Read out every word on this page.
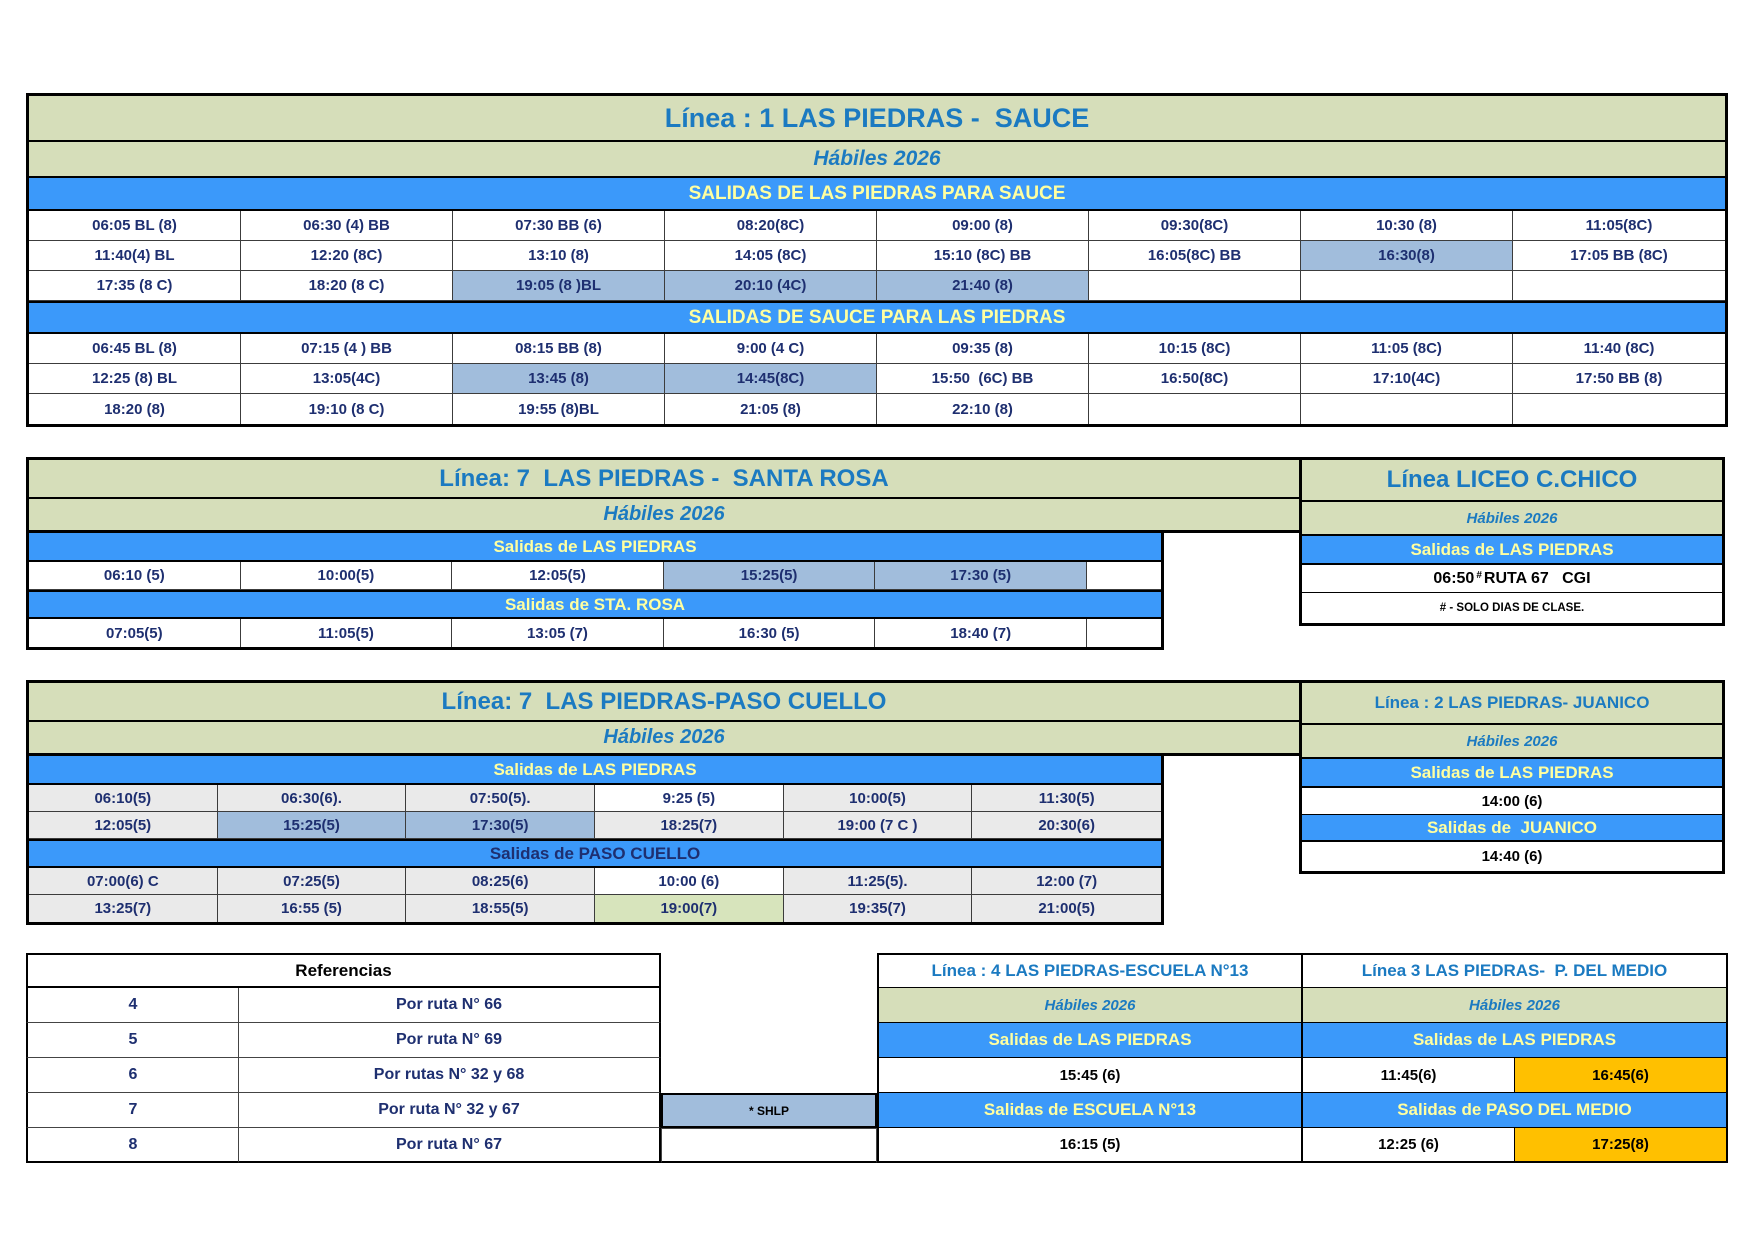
Línea : 1 LAS PIEDRAS -  SAUCE
Hábiles 2026
SALIDAS DE LAS PIEDRAS PARA SAUCE
06:05 BL (8)	06:30 (4) BB	07:30 BB (6)	08:20(8C)	09:00 (8)	09:30(8C)	10:30 (8)	11:05(8C)
11:40(4) BL	12:20 (8C)	13:10 (8)	14:05 (8C)	15:10 (8C) BB	16:05(8C) BB	16:30(8)	17:05 BB (8C)
17:35 (8 C)	18:20 (8 C)	19:05 (8 )BL	20:10 (4C)	21:40 (8)
SALIDAS DE SAUCE PARA LAS PIEDRAS
06:45 BL (8)	07:15 (4 ) BB	08:15 BB (8)	9:00 (4 C)	09:35 (8)	10:15 (8C)	11:05 (8C)	11:40 (8C)
12:25 (8) BL	13:05(4C)	13:45 (8)	14:45(8C)	15:50  (6C) BB	16:50(8C)	17:10(4C)	17:50 BB (8)
18:20 (8)	19:10 (8 C)	19:55 (8)BL	21:05 (8)	22:10 (8)
Línea: 7  LAS PIEDRAS -  SANTA ROSA
Hábiles 2026
Salidas de LAS PIEDRAS
06:10 (5)	10:00(5)	12:05(5)	15:25(5)	17:30 (5)
Salidas de STA. ROSA
07:05(5)	11:05(5)	13:05 (7)	16:30 (5)	18:40 (7)
Línea LICEO C.CHICO
Hábiles 2026
Salidas de LAS PIEDRAS
06:50 # RUTA 67   CGI
# - SOLO DIAS DE CLASE.
Línea: 7  LAS PIEDRAS-PASO CUELLO
Hábiles 2026
Salidas de LAS PIEDRAS
06:10(5)	06:30(6).	07:50(5).	9:25 (5)	10:00(5)	11:30(5)
12:05(5)	15:25(5)	17:30(5)	18:25(7)	19:00 (7 C )	20:30(6)
Salidas de PASO CUELLO
07:00(6) C	07:25(5)	08:25(6)	10:00 (6)	11:25(5).	12:00 (7)
13:25(7)	16:55 (5)	18:55(5)	19:00(7)	19:35(7)	21:00(5)
Línea : 2 LAS PIEDRAS- JUANICO
Hábiles 2026
Salidas de LAS PIEDRAS
14:00 (6)
Salidas de  JUANICO
14:40 (6)
Referencias
4	Por ruta N° 66
5	Por ruta N° 69
6	Por rutas N° 32 y 68
7	Por ruta N° 32 y 67
8	Por ruta N° 67
* SHLP
Línea : 4 LAS PIEDRAS-ESCUELA N°13
Hábiles 2026
Salidas de LAS PIEDRAS
15:45 (6)
Salidas de ESCUELA N°13
16:15 (5)
Línea 3 LAS PIEDRAS-  P. DEL MEDIO
Hábiles 2026
Salidas de LAS PIEDRAS
11:45(6)	16:45(6)
Salidas de PASO DEL MEDIO
12:25 (6)	17:25(8)
